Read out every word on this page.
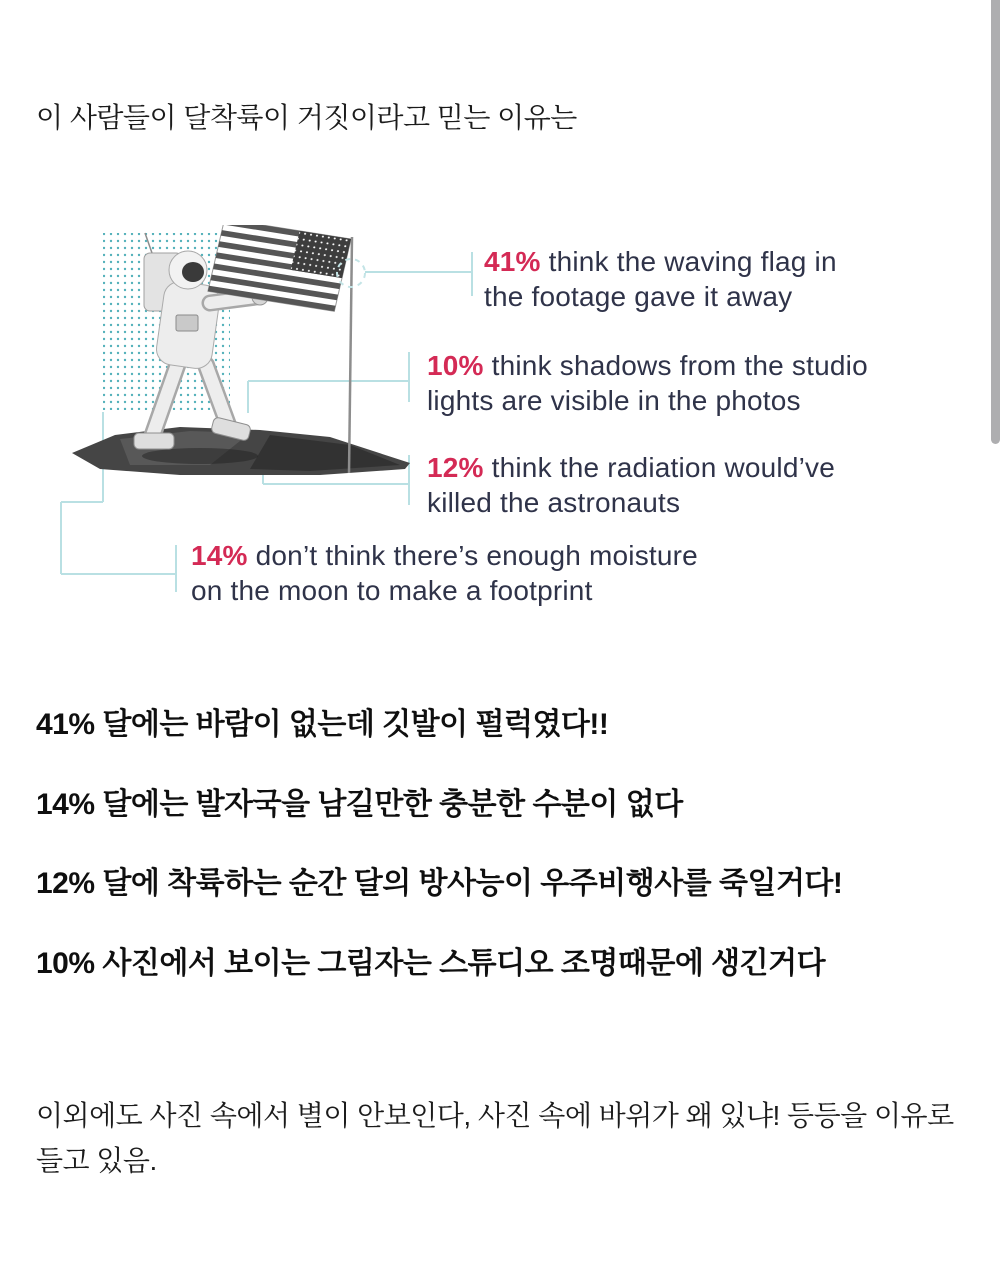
이 사람들이 달착륙이 거짓이라고 믿는 이유는
41% think the waving flag in
the footage gave it away
10% think shadows from the studio
lights are visible in the photos
12% think the radiation would’ve
killed the astronauts
14% don’t think there’s enough moisture
on the moon to make a footprint
41% 달에는 바람이 없는데 깃발이 펄럭였다!!
14% 달에는 발자국을 남길만한 충분한 수분이 없다
12% 달에 착륙하는 순간 달의 방사능이 우주비행사를 죽일거다!
10% 사진에서 보이는 그림자는 스튜디오 조명때문에 생긴거다
이외에도 사진 속에서 별이 안보인다, 사진 속에 바위가 왜 있냐! 등등을 이유로
들고 있음.
